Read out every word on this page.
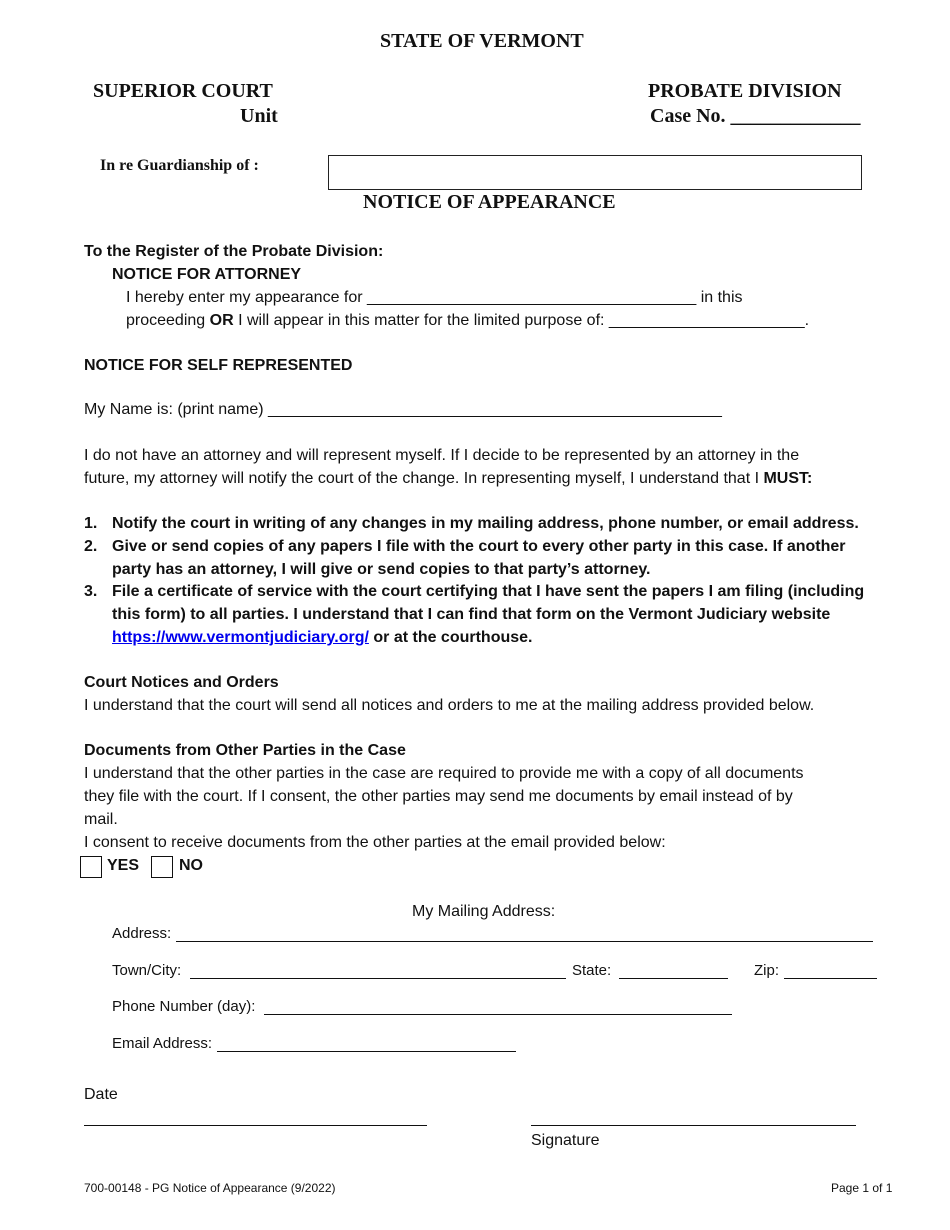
STATE OF VERMONT
SUPERIOR COURT
Unit
PROBATE DIVISION
Case No. _____________
In re Guardianship of :
NOTICE OF APPEARANCE
To the Register of the Probate Division:
NOTICE FOR ATTORNEY
I hereby enter my appearance for _____________________________________ in this
proceeding OR I will appear in this matter for the limited purpose of: ______________________.
NOTICE FOR SELF REPRESENTED
My Name is: (print name) ___________________________________________________
I do not have an attorney and will represent myself. If I decide to be represented by an attorney in the
future, my attorney will notify the court of the change. In representing myself, I understand that I MUST:
1. Notify the court in writing of any changes in my mailing address, phone number, or email address.
2. Give or send copies of any papers I file with the court to every other party in this case. If another
party has an attorney, I will give or send copies to that party’s attorney.
3. File a certificate of service with the court certifying that I have sent the papers I am filing (including
this form) to all parties. I understand that I can find that form on the Vermont Judiciary website
https://www.vermontjudiciary.org/ or at the courthouse.
Court Notices and Orders
I understand that the court will send all notices and orders to me at the mailing address provided below.
Documents from Other Parties in the Case
I understand that the other parties in the case are required to provide me with a copy of all documents
they file with the court. If I consent, the other parties may send me documents by email instead of by
mail.
I consent to receive documents from the other parties at the email provided below:
YES NO
My Mailing Address:
Address:
Town/City:	State:	Zip:
Phone Number (day):
Email Address:
Date
Signature
700-00148 - PG Notice of Appearance (9/2022)	Page 1 of 1
